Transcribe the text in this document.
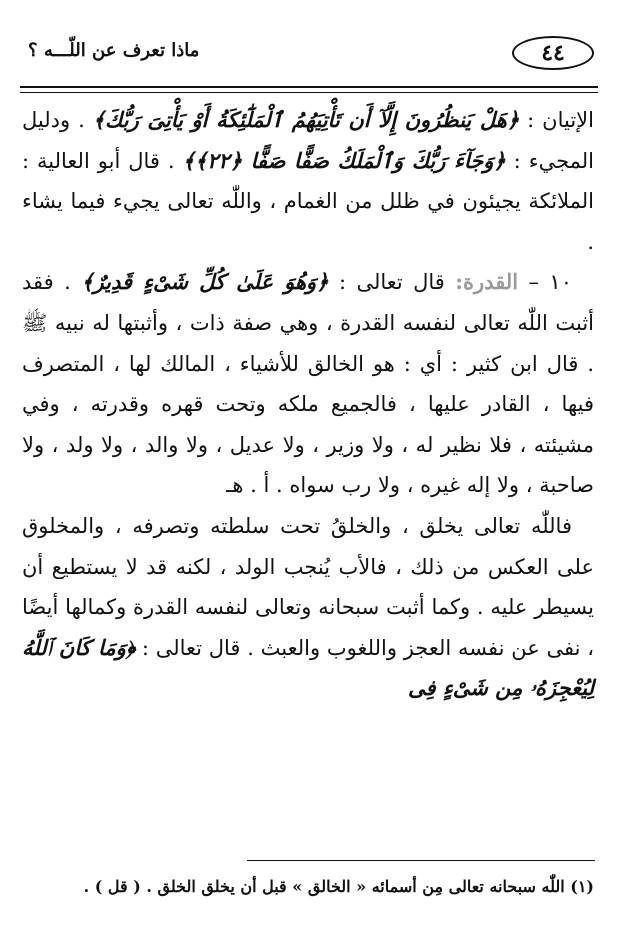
٤٤
ماذا تعرف عن اللّـــه ؟

الإتيان : ﴿هَلْ يَنظُرُونَ إِلَّآ أَن تَأْتِيَهُمُ ٱلْمَلَٰٓئِكَةُ أَوْ يَأْتِىَ رَبُّكَ﴾ . ودليل المجيء : ﴿وَجَآءَ رَبُّكَ وَٱلْمَلَكُ صَفًّا صَفًّا ﴿٢٢﴾﴾ . قال أبو العالية : الملائكة يجيئون في ظلل من الغمام ، واللّٰه تعالى يجيء فيما يشاء .

١٠ – القدرة: قال تعالى : ﴿وَهُوَ عَلَىٰ كُلِّ شَىْءٍ قَدِيرٌ﴾ . فقد أثبت اللّٰه تعالى لنفسه القدرة ، وهي صفة ذات ، وأثبتها له نبيه ﷺ . قال ابن كثير : أي : هو الخالق للأشياء ، المالك لها ، المتصرف فيها ، القادر عليها ، فالجميع ملكه وتحت قهره وقدرته ، وفي مشيئته ، فلا نظير له ، ولا وزير ، ولا عديل ، ولا والد ، ولا ولد ، ولا صاحبة ، ولا إله غيره ، ولا رب سواه . أ . هـ

فاللّٰه تعالى يخلق ، والخلقُ تحت سلطته وتصرفه ، والمخلوق على العكس من ذلك ، فالأب يُنجب الولد ، لكنه قد لا يستطيع أن يسيطر عليه . وكما أثبت سبحانه وتعالى لنفسه القدرة وكمالها أيضًا ، نفى عن نفسه العجز واللغوب والعبث . قال تعالى : ﴿وَمَا كَانَ ٱللَّهُ لِيُعْجِزَهُۥ مِن شَىْءٍ فِى

(١) اللّٰه سبحانه تعالى مِن أسمائه « الخالق » قبل أن يخلق الخلق . ( قل ) .
